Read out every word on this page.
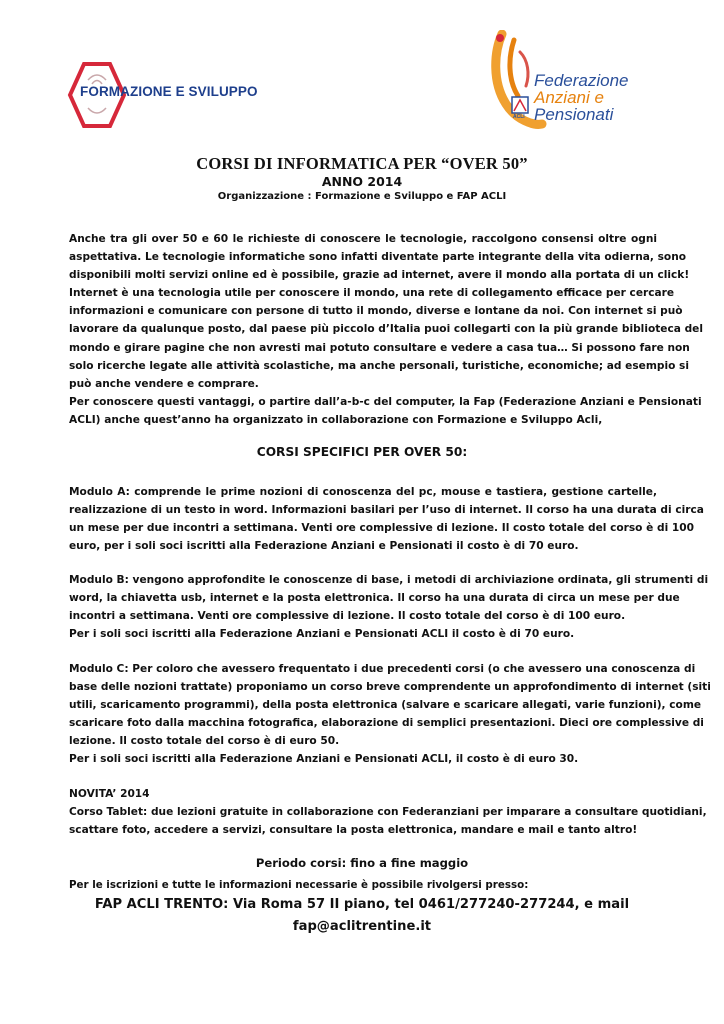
FORMAZIONE E SVILUPPO
ACLI
Federazione
Anziani e
Pensionati
CORSI DI INFORMATICA PER “OVER 50”
ANNO 2014
Organizzazione : Formazione e Sviluppo e FAP ACLI
Anche tra gli over 50 e 60 le richieste di conoscere le tecnologie, raccolgono consensi oltre ogni
aspettativa. Le tecnologie informatiche sono infatti diventate parte integrante della vita odierna, sono
disponibili molti servizi online ed è possibile, grazie ad internet, avere il mondo alla portata di un click!
Internet è una tecnologia utile per conoscere il mondo, una rete di collegamento efficace per cercare
informazioni e comunicare con persone di tutto il mondo, diverse e lontane da noi. Con internet si può
lavorare da qualunque posto, dal paese più piccolo d’Italia puoi collegarti con la più grande biblioteca del
mondo e girare pagine che non avresti mai potuto consultare e vedere a casa tua… Si possono fare non
solo ricerche legate alle attività scolastiche, ma anche personali, turistiche, economiche; ad esempio si
può anche vendere e comprare.
Per conoscere questi vantaggi, o partire dall’a-b-c del computer, la Fap (Federazione Anziani e Pensionati
ACLI) anche quest’anno ha organizzato in collaborazione con Formazione e Sviluppo Acli,
CORSI SPECIFICI PER OVER 50:
Modulo A: comprende le prime nozioni di conoscenza del pc, mouse e tastiera, gestione cartelle,
realizzazione di un testo in word. Informazioni basilari per l’uso di internet. Il corso ha una durata di circa
un mese per due incontri a settimana. Venti ore complessive di lezione. Il costo totale del corso è di 100
euro, per i soli soci iscritti alla Federazione Anziani e Pensionati il costo è di 70 euro.
Modulo B: vengono approfondite le conoscenze di base, i metodi di archiviazione ordinata, gli strumenti di
word, la chiavetta usb, internet e la posta elettronica. Il corso ha una durata di circa un mese per due
incontri a settimana. Venti ore complessive di lezione. Il costo totale del corso è di 100 euro.
Per i soli soci iscritti alla Federazione Anziani e Pensionati ACLI il costo è di 70 euro.
Modulo C: Per coloro che avessero frequentato i due precedenti corsi (o che avessero una conoscenza di
base delle nozioni trattate) proponiamo un corso breve comprendente un approfondimento di internet (siti
utili, scaricamento programmi), della posta elettronica (salvare e scaricare allegati, varie funzioni), come
scaricare foto dalla macchina fotografica, elaborazione di semplici presentazioni. Dieci ore complessive di
lezione. Il costo totale del corso è di euro 50.
Per i soli soci iscritti alla Federazione Anziani e Pensionati ACLI, il costo è di euro 30.
NOVITA’ 2014
Corso Tablet: due lezioni gratuite in collaborazione con Federanziani per imparare a consultare quotidiani,
scattare foto, accedere a servizi, consultare la posta elettronica, mandare e mail e tanto altro!
Periodo corsi: fino a fine maggio
Per le iscrizioni e tutte le informazioni necessarie è possibile rivolgersi presso:
FAP ACLI TRENTO: Via Roma 57 II piano, tel 0461/277240-277244, e mail
fap@aclitrentine.it
